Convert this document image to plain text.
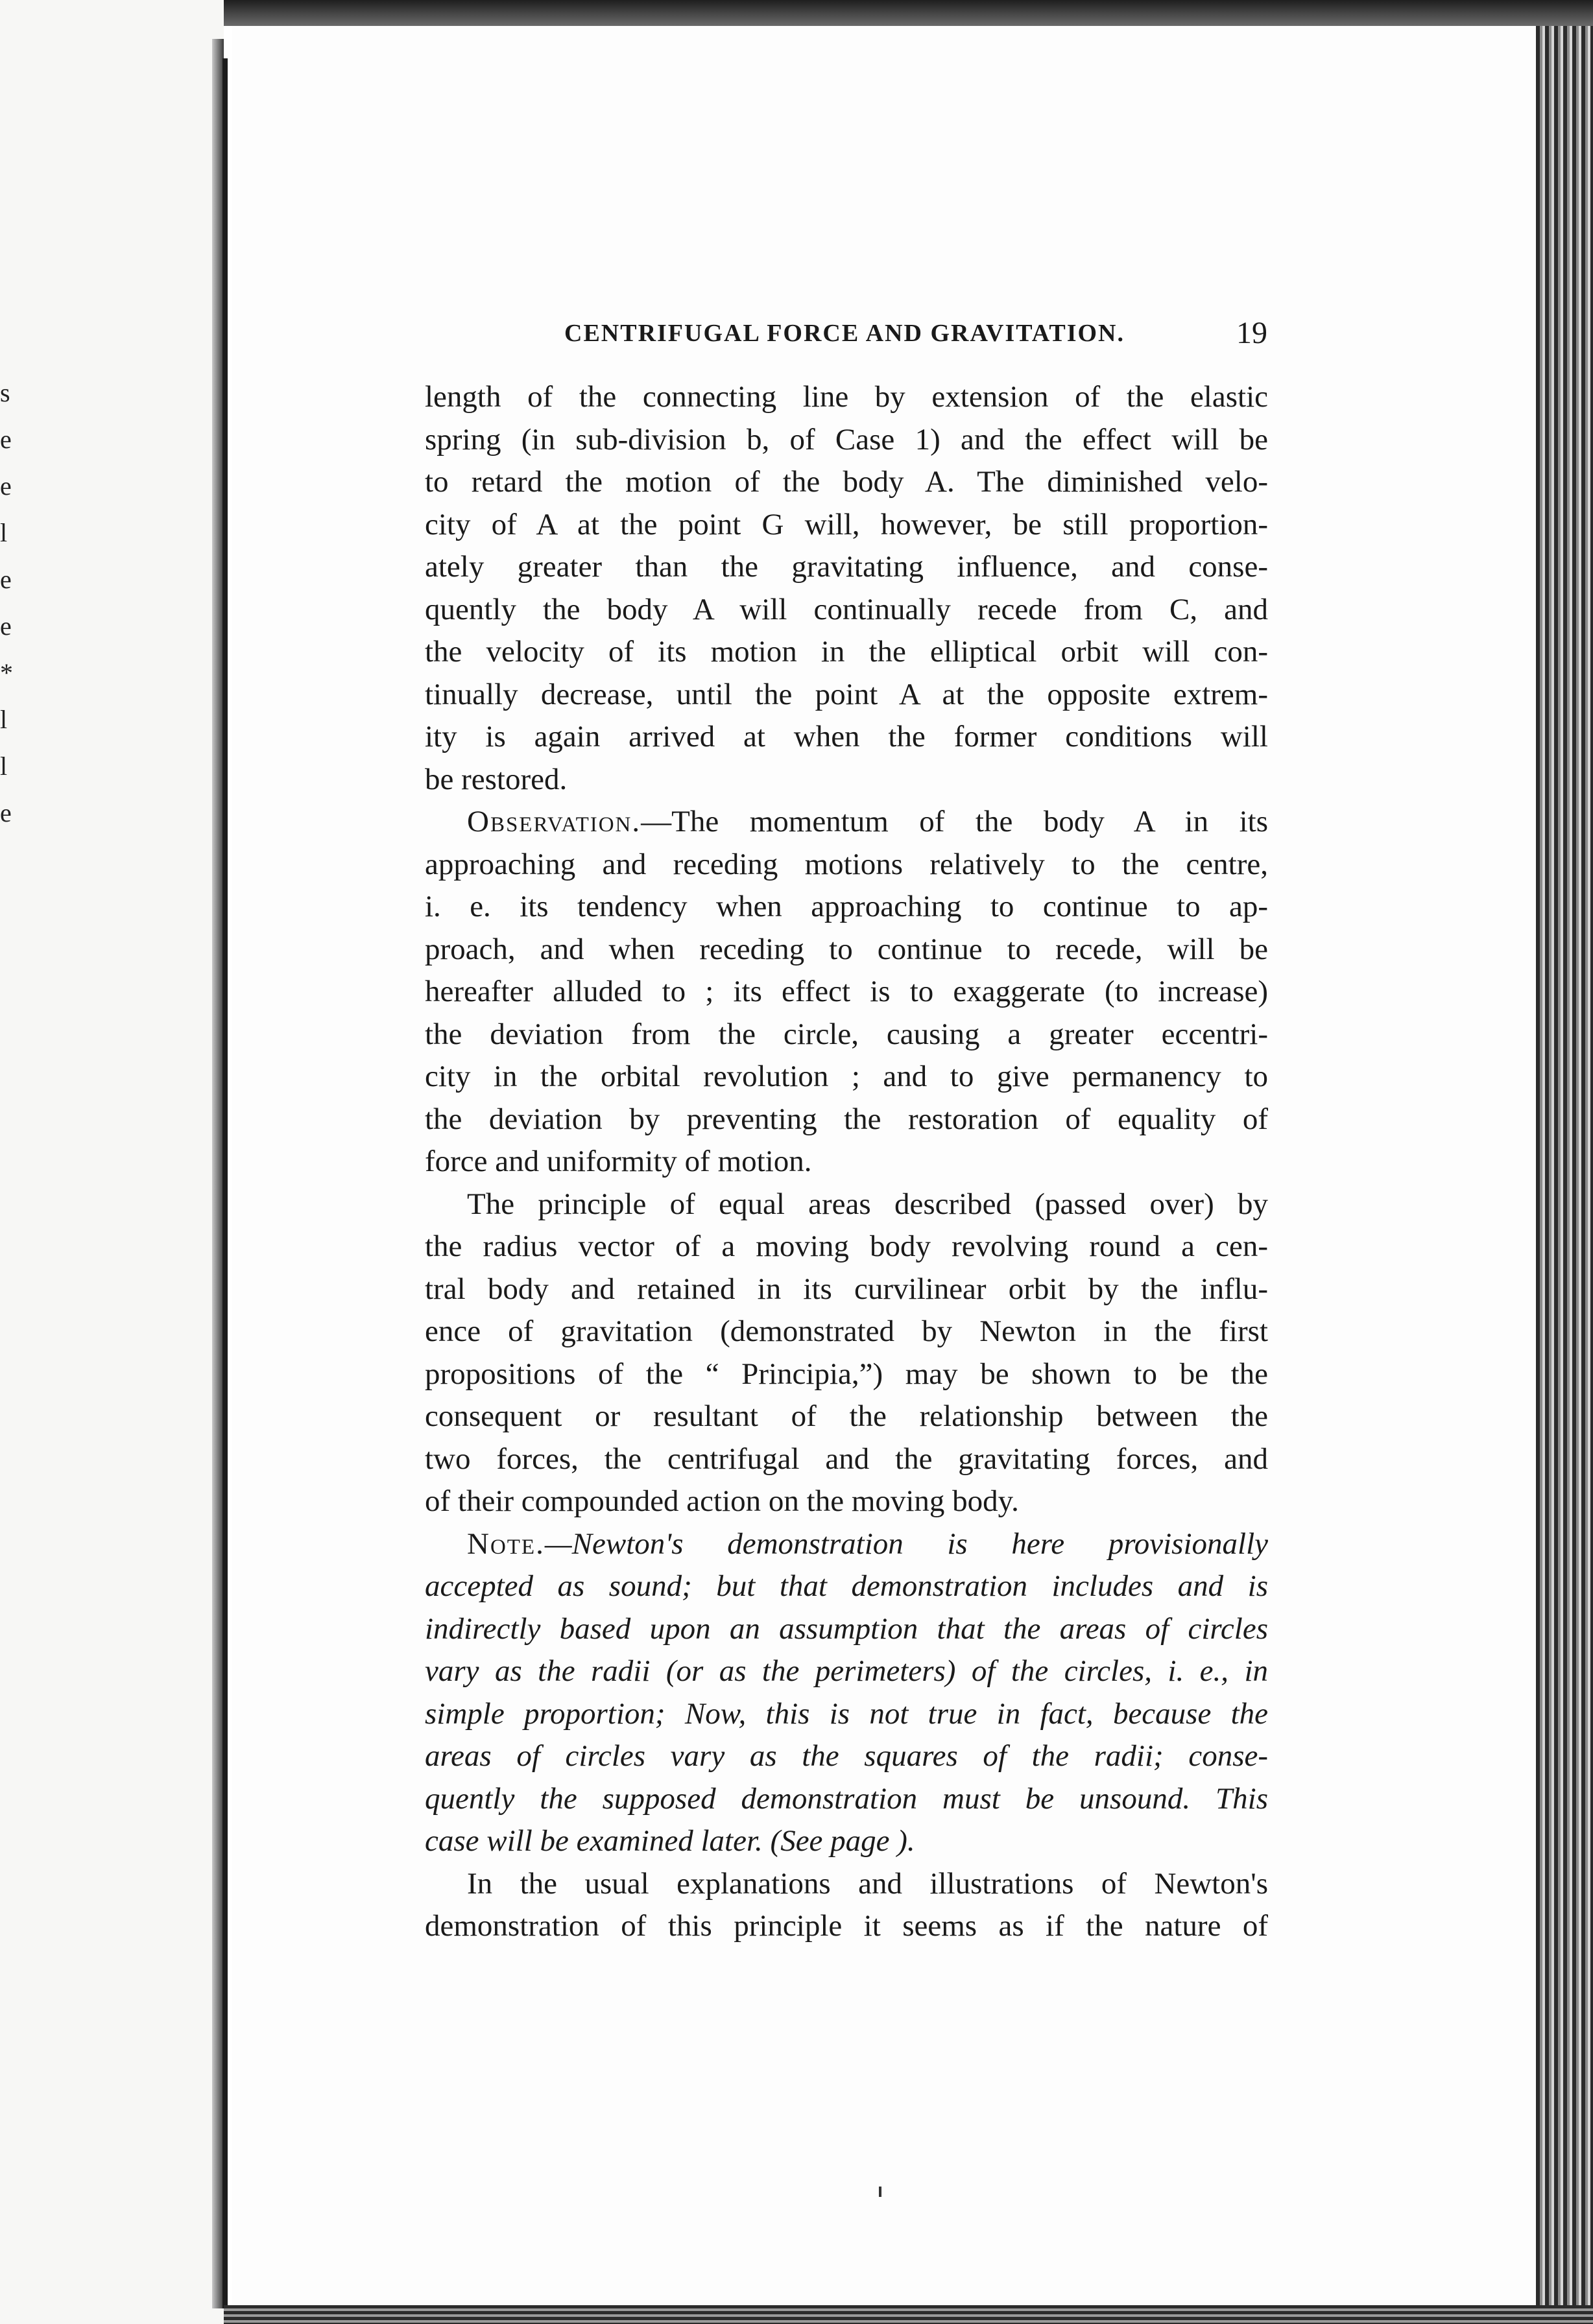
s
e
e
l
e
e
*
l
l
e
CENTRIFUGAL FORCE AND GRAVITATION.	19
length of the connecting line by extension of the elastic
spring (in sub-division b, of Case 1) and the effect will be
to retard the motion of the body A. The diminished velo-
city of A at the point G will, however, be still proportion-
ately greater than the gravitating influence, and conse-
quently the body A will continually recede from C, and
the velocity of its motion in the elliptical orbit will con-
tinually decrease, until the point A at the opposite extrem-
ity is again arrived at when the former conditions will
be restored.
Observation.—The momentum of the body A in its
approaching and receding motions relatively to the centre,
i. e. its tendency when approaching to continue to ap-
proach, and when receding to continue to recede, will be
hereafter alluded to ; its effect is to exaggerate (to increase)
the deviation from the circle, causing a greater eccentri-
city in the orbital revolution ; and to give permanency to
the deviation by preventing the restoration of equality of
force and uniformity of motion.
The principle of equal areas described (passed over) by
the radius vector of a moving body revolving round a cen-
tral body and retained in its curvilinear orbit by the influ-
ence of gravitation (demonstrated by Newton in the first
propositions of the “ Principia,”) may be shown to be the
consequent or resultant of the relationship between the
two forces, the centrifugal and the gravitating forces, and
of their compounded action on the moving body.
Note.—Newton's demonstration is here provisionally
accepted as sound; but that demonstration includes and is
indirectly based upon an assumption that the areas of circles
vary as the radii (or as the perimeters) of the circles, i. e., in
simple proportion; Now, this is not true in fact, because the
areas of circles vary as the squares of the radii; conse-
quently the supposed demonstration must be unsound. This
case will be examined later. (See page ).
In the usual explanations and illustrations of Newton's
demonstration of this principle it seems as if the nature of
